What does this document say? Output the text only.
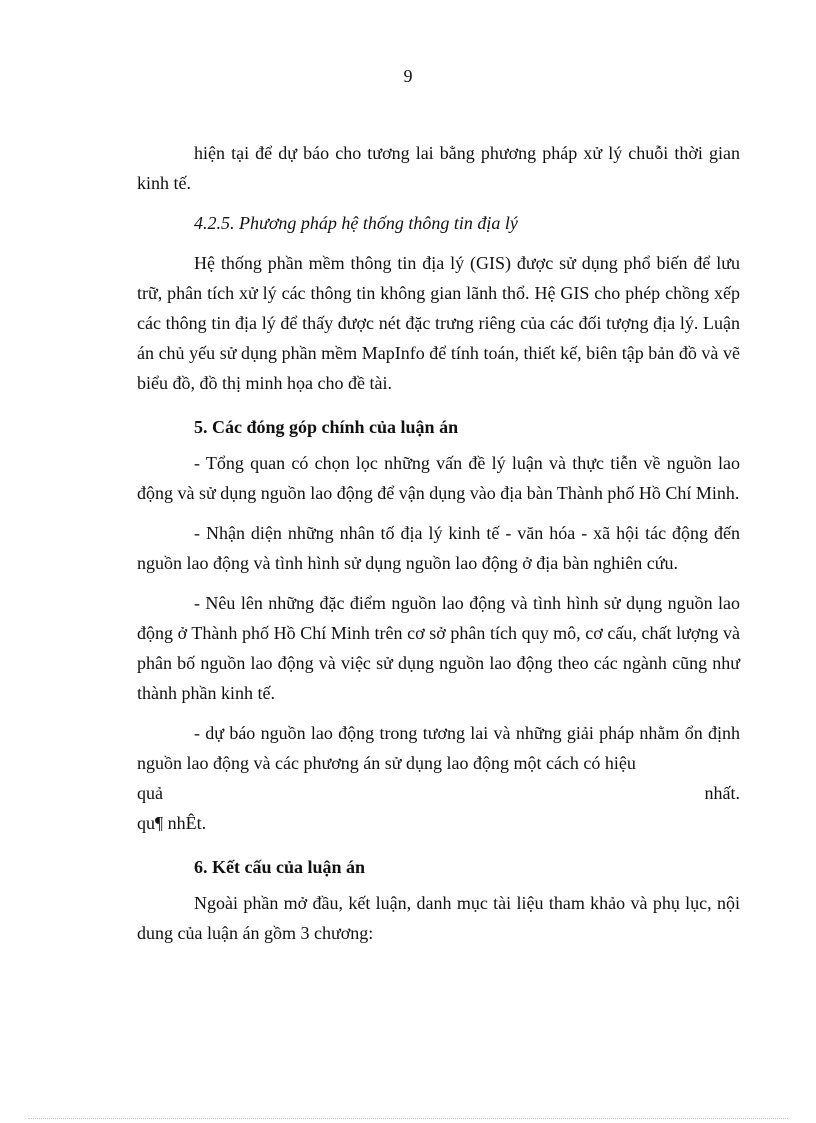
9

hiện tại để dự báo cho tương lai bằng phương pháp xử lý chuỗi thời gian kinh tế.

4.2.5. Phương pháp hệ thống thông tin địa lý

Hệ thống phần mềm thông tin địa lý (GIS) được sử dụng phổ biến để lưu trữ, phân tích xử lý các thông tin không gian lãnh thổ. Hệ GIS cho phép chồng xếp các thông tin địa lý để thấy được nét đặc trưng riêng của các đối tượng địa lý. Luận án chủ yếu sử dụng phần mềm MapInfo để tính toán, thiết kế, biên tập bản đồ và vẽ biểu đồ, đồ thị minh họa cho đề tài.

5. Các đóng góp chính của luận án

- Tổng quan có chọn lọc những vấn đề lý luận và thực tiễn về nguồn lao động và sử dụng nguồn lao động để vận dụng vào địa bàn Thành phố Hồ Chí Minh.

- Nhận diện những nhân tố địa lý kinh tế - văn hóa - xã hội tác động đến nguồn lao động và tình hình sử dụng nguồn lao động ở địa bàn nghiên cứu.

- Nêu lên những đặc điểm nguồn lao động và tình hình sử dụng nguồn lao động ở Thành phố Hồ Chí Minh trên cơ sở phân tích quy mô, cơ cấu, chất lượng và phân bố nguồn lao động và việc sử dụng nguồn lao động theo các ngành cũng như thành phần kinh tế.

- dự báo nguồn lao động trong tương lai và những giải pháp nhằm ổn định nguồn lao động và các phương án sử dụng lao động một cách có hiệu

quả	nhất.

qu¶ nhÊt.

6. Kết cấu của luận án

Ngoài phần mở đầu, kết luận, danh mục tài liệu tham khảo và phụ lục, nội dung của luận án gồm 3 chương:
